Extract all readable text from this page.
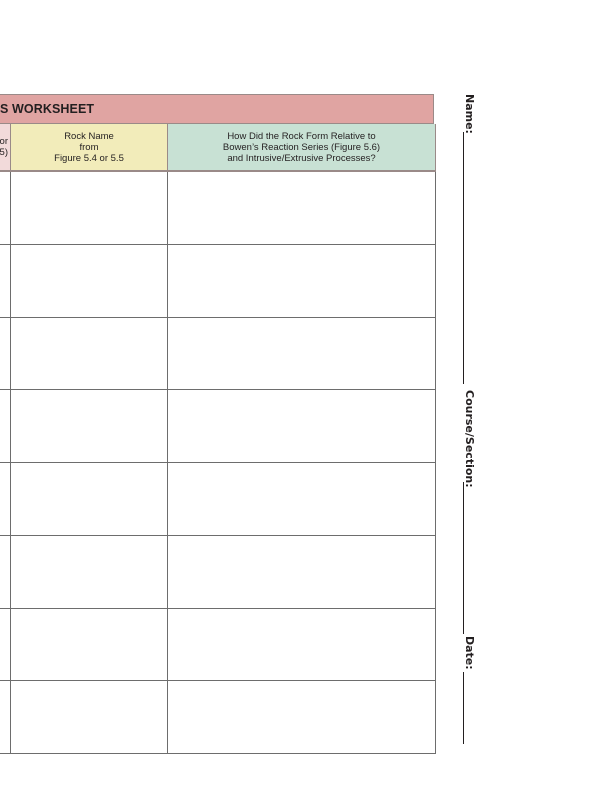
S WORKSHEET
or
5)
Rock Name
from
Figure 5.4 or 5.5
How Did the Rock Form Relative to
Bowen’s Reaction Series (Figure 5.6)
and Intrusive/Extrusive Processes?
Name:
Course/Section:
Date:
